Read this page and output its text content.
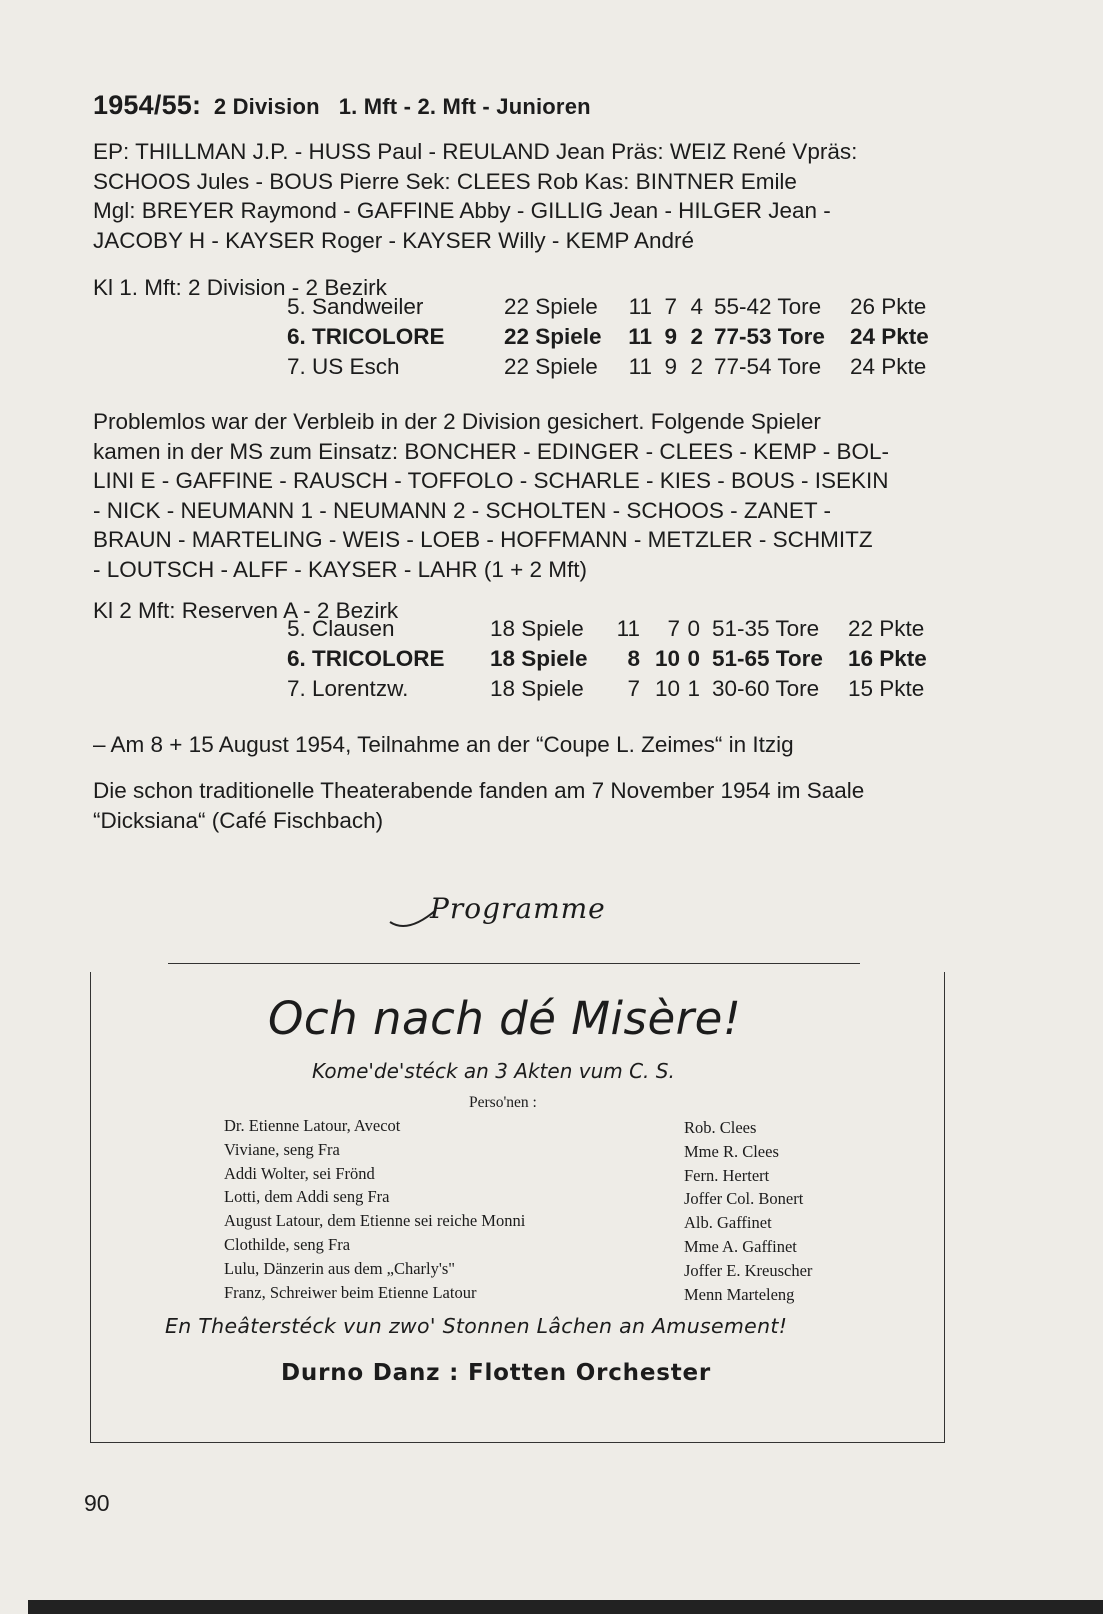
1954/55: 2 Division 1. Mft - 2. Mft - Junioren
EP: THILLMAN J.P. - HUSS Paul - REULAND Jean Präs: WEIZ René Vpräs:
SCHOOS Jules - BOUS Pierre Sek: CLEES Rob Kas: BINTNER Emile
Mgl: BREYER Raymond - GAFFINE Abby - GILLIG Jean - HILGER Jean -
JACOBY H - KAYSER Roger - KAYSER Willy - KEMP André
Kl 1. Mft: 2 Division - 2 Bezirk
5. Sandweiler	22 Spiele	11 7 4 55-42 Tore 26 Pkte
6. TRICOLORE	22 Spiele	11 9 2 77-53 Tore 24 Pkte
7. US Esch	22 Spiele	11 9 2 77-54 Tore 24 Pkte
Problemlos war der Verbleib in der 2 Division gesichert. Folgende Spieler
kamen in der MS zum Einsatz: BONCHER - EDINGER - CLEES - KEMP - BOL-
LINI E - GAFFINE - RAUSCH - TOFFOLO - SCHARLE - KIES - BOUS - ISEKIN
- NICK - NEUMANN 1 - NEUMANN 2 - SCHOLTEN - SCHOOS - ZANET -
BRAUN - MARTELING - WEIS - LOEB - HOFFMANN - METZLER - SCHMITZ
- LOUTSCH - ALFF - KAYSER - LAHR (1 + 2 Mft)
Kl 2 Mft: Reserven A - 2 Bezirk
5. Clausen	18 Spiele	11	7 0 51-35 Tore 22 Pkte
6. TRICOLORE 18 Spiele	8 10 0 51-65 Tore 16 Pkte
7. Lorentzw.	18 Spiele	7 10 1 30-60 Tore 15 Pkte
– Am 8 + 15 August 1954, Teilnahme an der “Coupe L. Zeimes“ in Itzig
Die schon traditionelle Theaterabende fanden am 7 November 1954 im Saale
“Dicksiana“ (Café Fischbach)
Programme
Och nach dé Misère!
Kome'de'stéck an 3 Akten vum C. S.
Perso'nen :
Dr. Etienne Latour, Avecot	Rob. Clees
Viviane, seng Fra	Mme R. Clees
Addi Wolter, sei Frönd	Fern. Hertert
Lotti, dem Addi seng Fra	Joffer Col. Bonert
August Latour, dem Etienne sei reiche Monni	Alb. Gaffinet
Clothilde, seng Fra	Mme A. Gaffinet
Lulu, Dänzerin aus dem „Charly's"	Joffer E. Kreuscher
Franz, Schreiwer beim Etienne Latour	Menn Marteleng
En Theâterstéck vun zwo' Stonnen Lâchen an Amusement!
Durno Danz : Flotten Orchester
90
